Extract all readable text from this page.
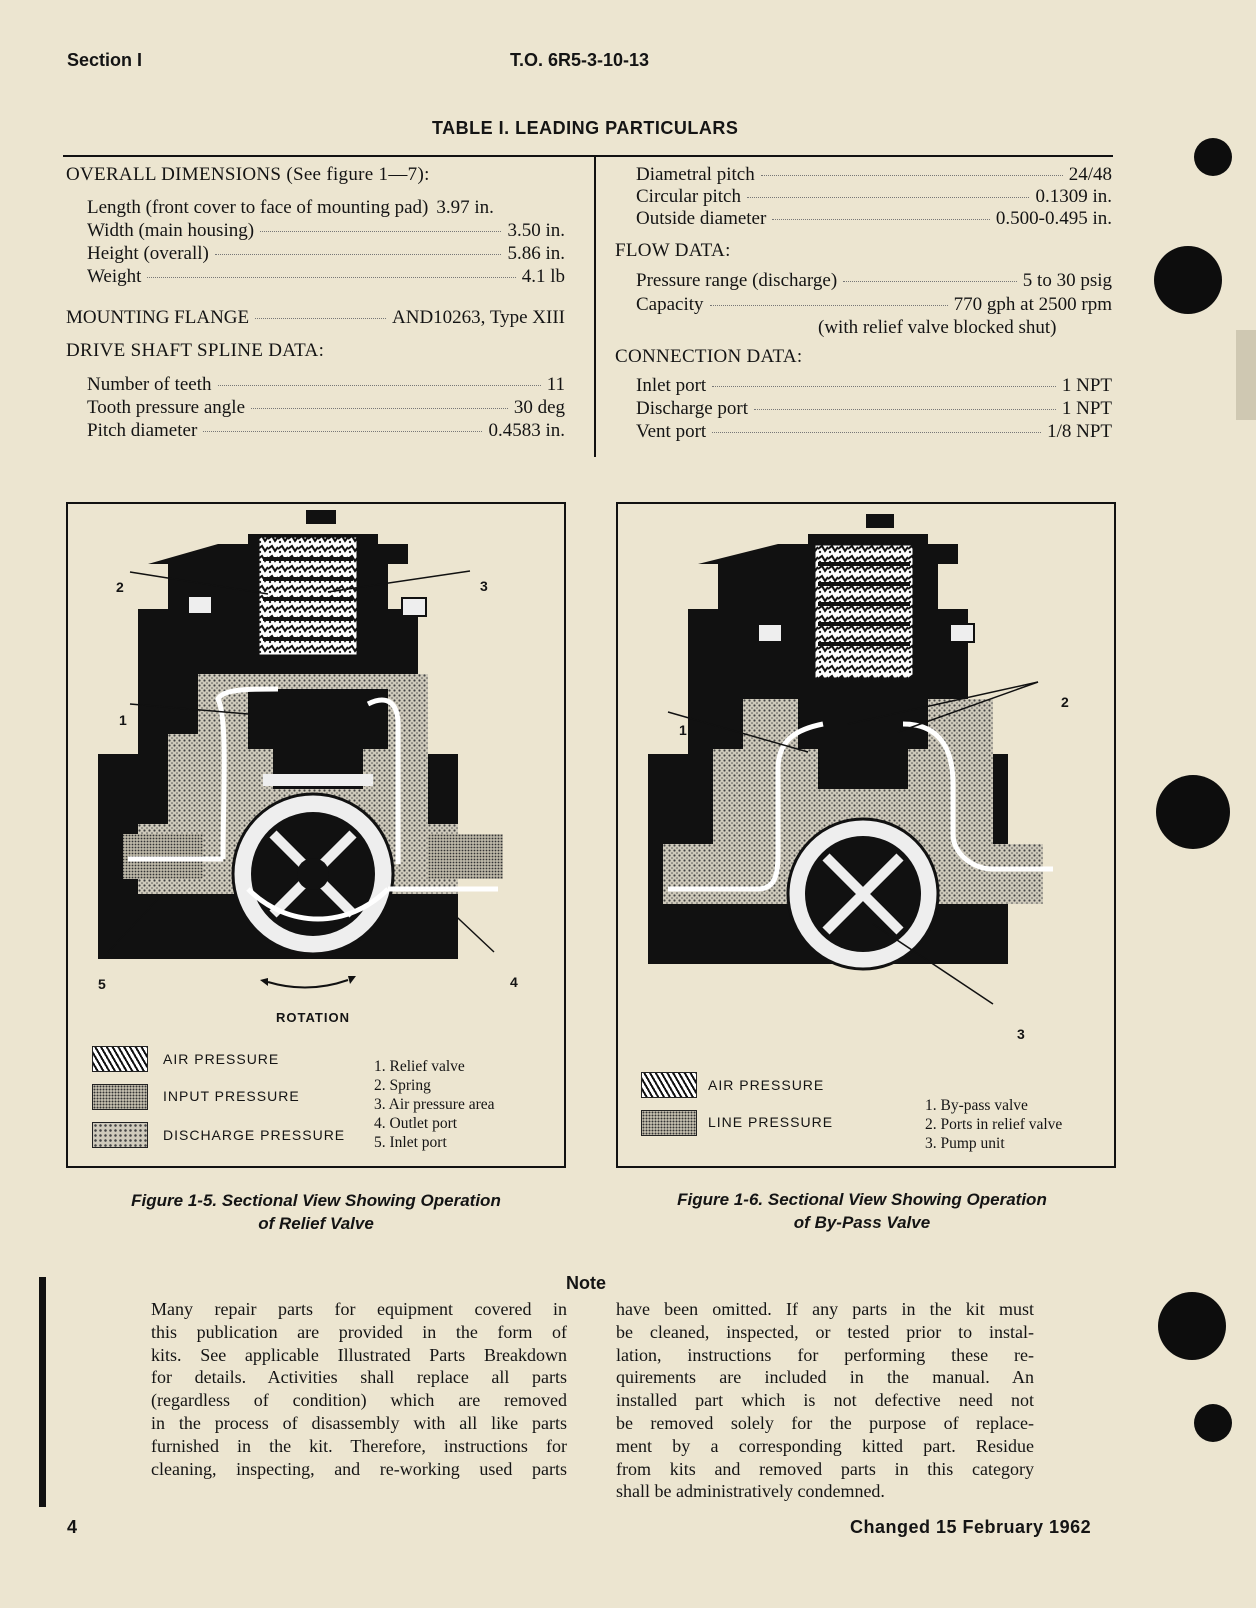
Section I	T.O. 6R5-3-10-13
TABLE I. LEADING PARTICULARS
OVERALL DIMENSIONS (See figure 1—7):
Length (front cover to face of mounting pad) 3.97 in.
Width (main housing)	3.50 in.
Height (overall)	5.86 in.
Weight	4.1 lb
MOUNTING FLANGE	AND10263, Type XIII
DRIVE SHAFT SPLINE DATA:
Number of teeth	11
Tooth pressure angle	30 deg
Pitch diameter	0.4583 in.
Diametral pitch	24/48
Circular pitch	0.1309 in.
Outside diameter	0.500-0.495 in.
FLOW DATA:
Pressure range (discharge)	5 to 30 psig
Capacity	770 gph at 2500 rpm
(with relief valve blocked shut)
CONNECTION DATA:
Inlet port	1 NPT
Discharge port	1 NPT
Vent port	1/8 NPT
2	3
1
5	4
ROTATION
AIR PRESSURE
INPUT PRESSURE
DISCHARGE PRESSURE
1. Relief valve
2. Spring
3. Air pressure area
4. Outlet port
5. Inlet port
Figure 1-5. Sectional View Showing Operation
of Relief Valve
1
2
3
AIR PRESSURE
LINE PRESSURE
1. By-pass valve
2. Ports in relief valve
3. Pump unit
Figure 1-6. Sectional View Showing Operation
of By-Pass Valve
Note
Many repair parts for equipment covered in
this publication are provided in the form of
kits. See applicable Illustrated Parts Breakdown
for details. Activities shall replace all parts
(regardless of condition) which are removed
in the process of disassembly with all like parts
furnished in the kit. Therefore, instructions for
cleaning, inspecting, and re-working used parts
have been omitted. If any parts in the kit must
be cleaned, inspected, or tested prior to instal-
lation, instructions for performing these re-
quirements are included in the manual. An
installed part which is not defective need not
be removed solely for the purpose of replace-
ment by a corresponding kitted part. Residue
from kits and removed parts in this category
shall be administratively condemned.
4	Changed 15 February 1962
